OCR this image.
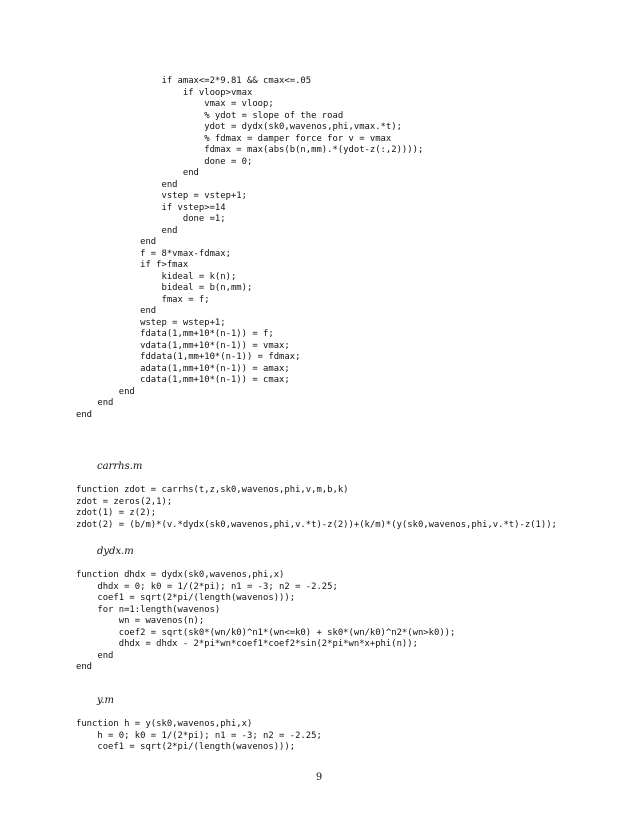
if amax<=2*9.81 && cmax<=.05
if vloop>vmax
vmax = vloop;
% ydot = slope of the road
ydot = dydx(sk0,wavenos,phi,vmax.*t);
% fdmax = damper force for v = vmax
fdmax = max(abs(b(n,mm).*(ydot-z(:,2))));
done = 0;
end
end
vstep = vstep+1;
if vstep>=14
done =1;
end
end
f = 8*vmax-fdmax;
if f>fmax
kideal = k(n);
bideal = b(n,mm);
fmax = f;
end
wstep = wstep+1;
fdata(1,mm+10*(n-1)) = f;
vdata(1,mm+10*(n-1)) = vmax;
fddata(1,mm+10*(n-1)) = fdmax;
adata(1,mm+10*(n-1)) = amax;
cdata(1,mm+10*(n-1)) = cmax;
end
end
end
carrhs.m
function zdot = carrhs(t,z,sk0,wavenos,phi,v,m,b,k)
zdot = zeros(2,1);
zdot(1) = z(2);
zdot(2) = (b/m)*(v.*dydx(sk0,wavenos,phi,v.*t)-z(2))+(k/m)*(y(sk0,wavenos,phi,v.*t)-z(1));
dydx.m
function dhdx = dydx(sk0,wavenos,phi,x)
dhdx = 0; k0 = 1/(2*pi); n1 = -3; n2 = -2.25;
coef1 = sqrt(2*pi/(length(wavenos)));
for n=1:length(wavenos)
wn = wavenos(n);
coef2 = sqrt(sk0*(wn/k0)^n1*(wn<=k0) + sk0*(wn/k0)^n2*(wn>k0));
dhdx = dhdx - 2*pi*wn*coef1*coef2*sin(2*pi*wn*x+phi(n));
end
end
y.m
function h = y(sk0,wavenos,phi,x)
h = 0; k0 = 1/(2*pi); n1 = -3; n2 = -2.25;
coef1 = sqrt(2*pi/(length(wavenos)));
9
